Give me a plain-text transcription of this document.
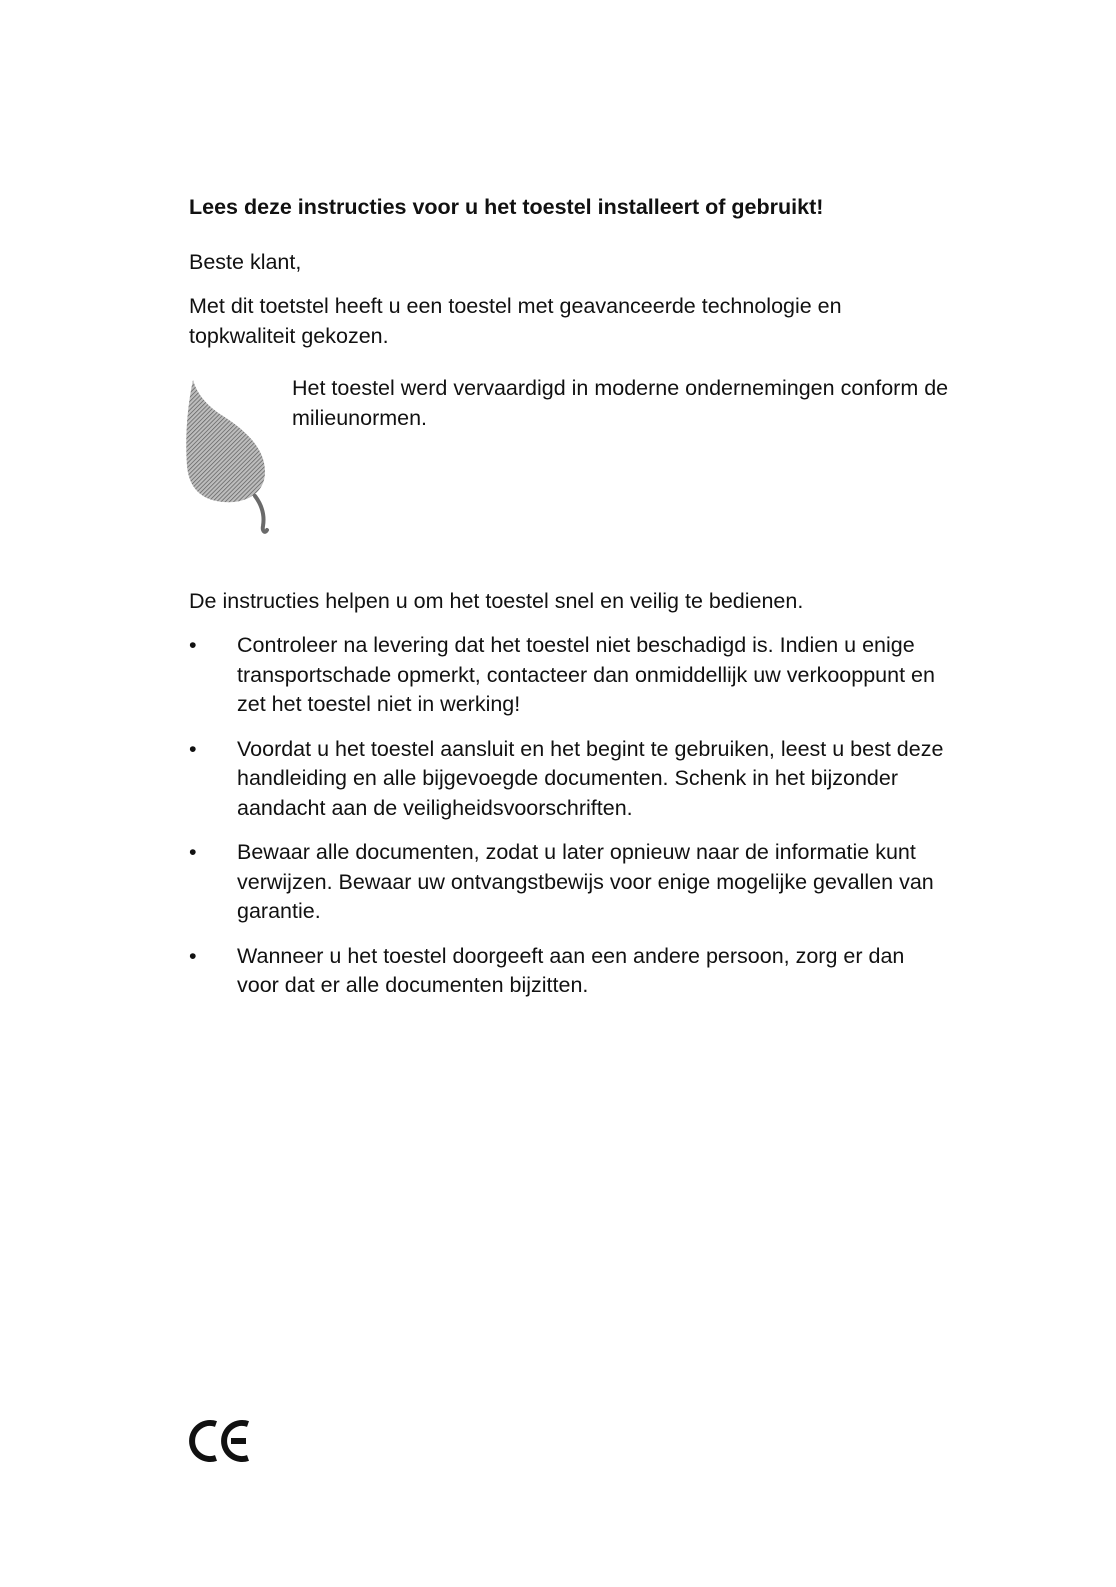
Lees deze instructies voor u het toestel installeert of gebruikt!

Beste klant,

Met dit toetstel heeft u een toestel met geavanceerde technologie en topkwaliteit gekozen.

Het toestel werd vervaardigd in moderne ondernemingen conform de milieunormen.

De instructies helpen u om het toestel snel en veilig te bedienen.

• Controleer na levering dat het toestel niet beschadigd is. Indien u enige transportschade opmerkt, contacteer dan onmiddellijk uw verkooppunt en zet het toestel niet in werking!
• Voordat u het toestel aansluit en het begint te gebruiken, leest u best deze handleiding en alle bijgevoegde documenten. Schenk in het bijzonder aandacht aan de veiligheidsvoorschriften.
• Bewaar alle documenten, zodat u later opnieuw naar de informatie kunt verwijzen. Bewaar uw ontvangstbewijs voor enige mogelijke gevallen van garantie.
• Wanneer u het toestel doorgeeft aan een andere persoon, zorg er dan voor dat er alle documenten bijzitten.
